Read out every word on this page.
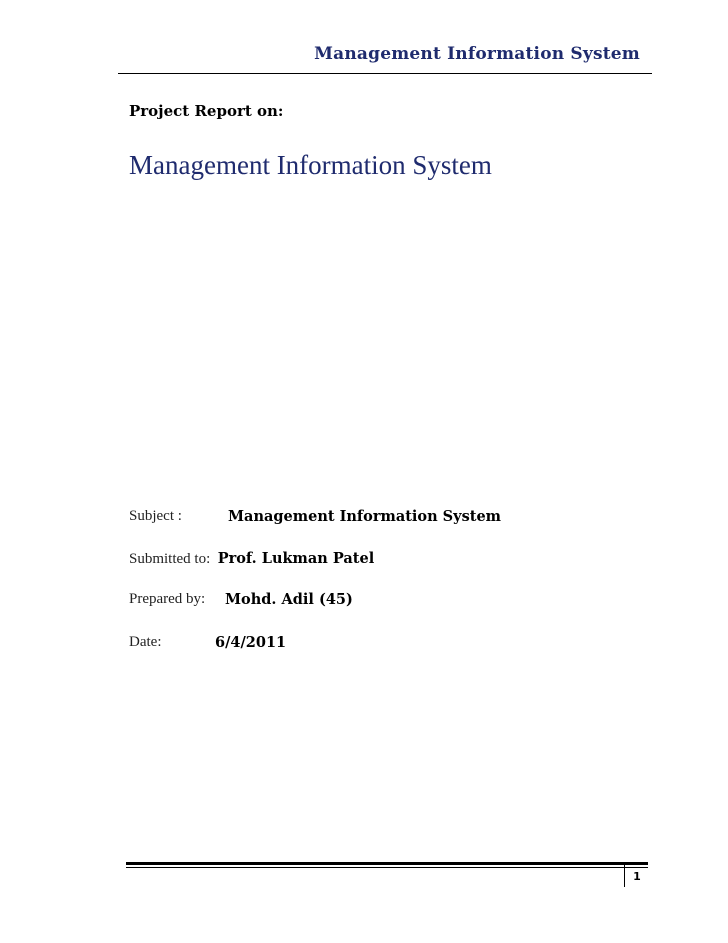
Management Information System
Project Report on:
Management Information System
Subject :	Management Information System
Submitted to: Prof. Lukman Patel
Prepared by: Mohd. Adil (45)
Date:	6/4/2011
1
